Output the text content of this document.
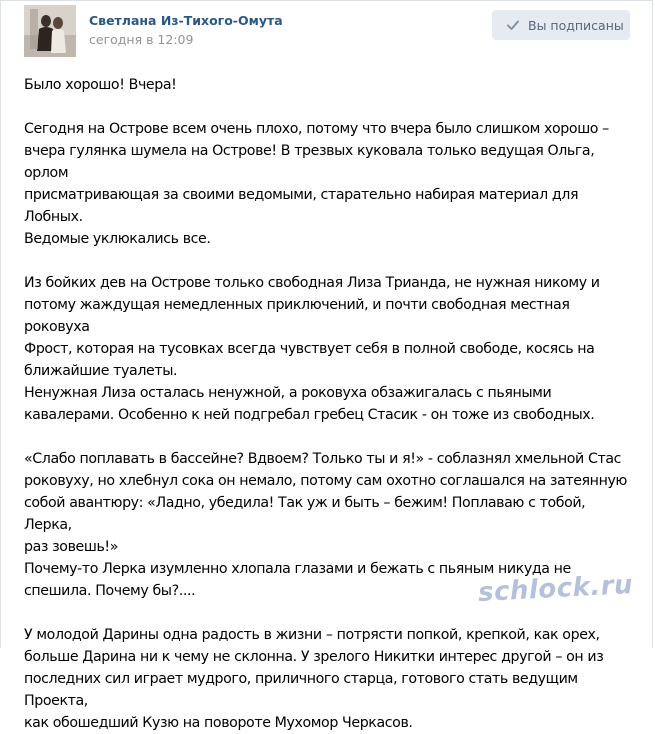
Светлана Из-Тихого-Омута
сегодня в 12:09
Вы подписаны

Было хорошо! Вчера!

Сегодня на Острове всем очень плохо, потому что вчера было слишком хорошо –

вчера гулянка шумела на Острове! В трезвых куковала только ведущая Ольга, орлом

присматривающая за своими ведомыми, старательно набирая материал для

Лобных.

Ведомые уклюкались все.

Из бойких дев на Острове только свободная Лиза Трианда, не нужная никому и

потому жаждущая немедленных приключений, и почти свободная местная роковуха

Фрост, которая на тусовках всегда чувствует себя в полной свободе, косясь на

ближайшие туалеты.

Ненужная Лиза осталась ненужной, а роковуха обзажигалась с пьяными

кавалерами. Особенно к ней подгребал гребец Стасик - он тоже из свободных.

«Слабо поплавать в бассейне? Вдвоем? Только ты и я!» - соблазнял хмельной Стас

роковуху, но хлебнул сока он немало, потому сам охотно соглашался на затеянную

собой авантюру: «Ладно, убедила! Так уж и быть – бежим! Поплаваю с тобой, Лерка,

раз зовешь!»

Почему-то Лерка изумленно хлопала глазами и бежать с пьяным никуда не

спешила. Почему бы?....

У молодой Дарины одна радость в жизни – потрясти попкой, крепкой, как орех,

больше Дарина ни к чему не склонна. У зрелого Никитки интерес другой – он из

последних сил играет мудрого, приличного старца, готового стать ведущим Проекта,

как обошедший Кузю на повороте Мухомор Черкасов.

schlock.ru
